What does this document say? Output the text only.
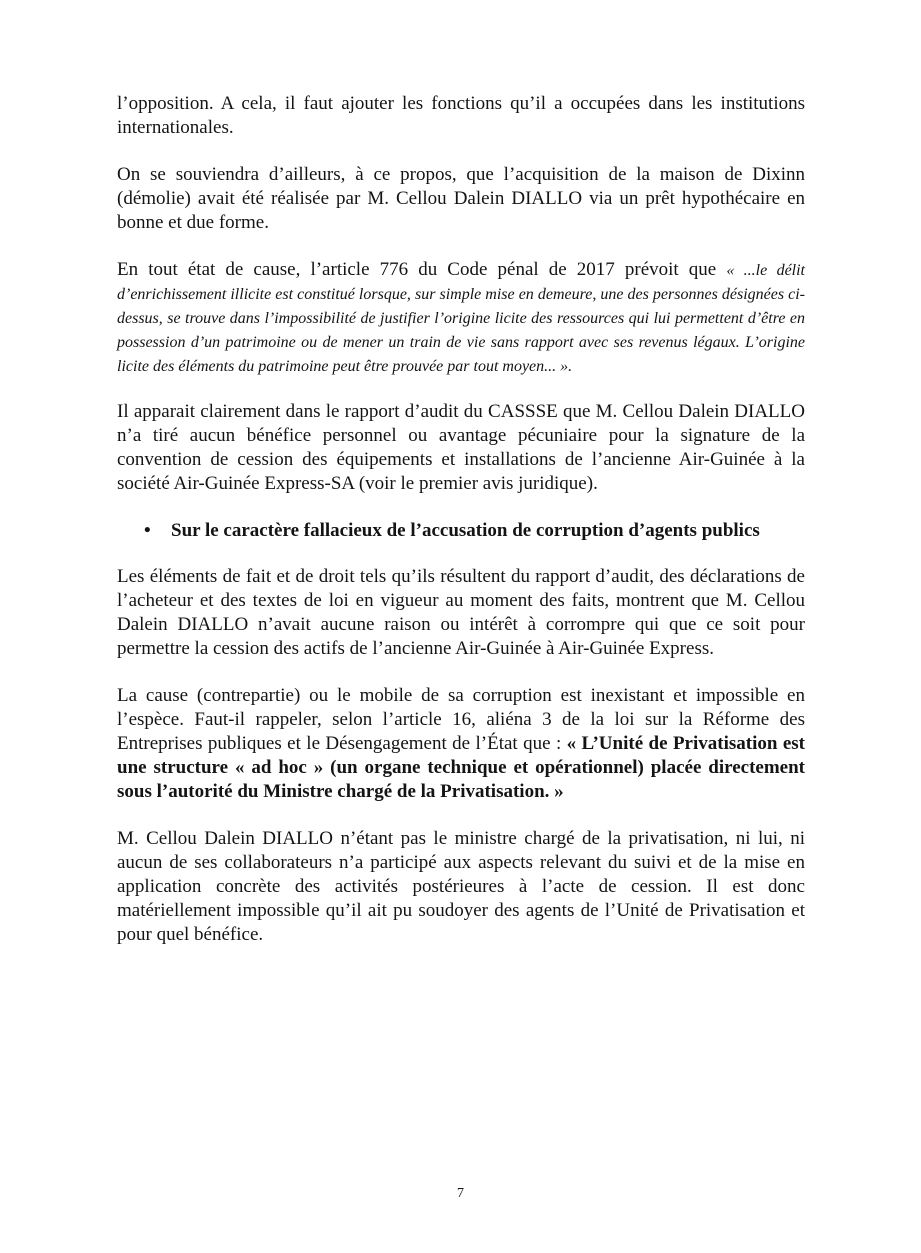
l’opposition. A cela, il faut ajouter les fonctions qu’il a occupées dans les institutions internationales.

On se souviendra d’ailleurs, à ce propos, que l’acquisition de la maison de Dixinn (démolie) avait été réalisée par M. Cellou Dalein DIALLO via un prêt hypothécaire en bonne et due forme.

En tout état de cause, l’article 776 du Code pénal de 2017 prévoit que « ...le délit d’enrichissement illicite est constitué lorsque, sur simple mise en demeure, une des personnes désignées ci-dessus, se trouve dans l’impossibilité de justifier l’origine licite des ressources qui lui permettent d’être en possession d’un patrimoine ou de mener un train de vie sans rapport avec ses revenus légaux. L’origine licite des éléments du patrimoine peut être prouvée par tout moyen... ».

Il apparait clairement dans le rapport d’audit du CASSSE que M. Cellou Dalein DIALLO n’a tiré aucun bénéfice personnel ou avantage pécuniaire pour la signature de la convention de cession des équipements et installations de l’ancienne Air-Guinée à la société Air-Guinée Express-SA (voir le premier avis juridique).

• Sur le caractère fallacieux de l’accusation de corruption d’agents publics

Les éléments de fait et de droit tels qu’ils résultent du rapport d’audit, des déclarations de l’acheteur et des textes de loi en vigueur au moment des faits, montrent que M. Cellou Dalein DIALLO n’avait aucune raison ou intérêt à corrompre qui que ce soit pour permettre la cession des actifs de l’ancienne Air-Guinée à Air-Guinée Express.

La cause (contrepartie) ou le mobile de sa corruption est inexistant et impossible en l’espèce. Faut-il rappeler, selon l’article 16, aliéna 3 de la loi sur la Réforme des Entreprises publiques et le Désengagement de l’État que : « L’Unité de Privatisation est une structure « ad hoc » (un organe technique et opérationnel) placée directement sous l’autorité du Ministre chargé de la Privatisation. »

M. Cellou Dalein DIALLO n’étant pas le ministre chargé de la privatisation, ni lui, ni aucun de ses collaborateurs n’a participé aux aspects relevant du suivi et de la mise en application concrète des activités postérieures à l’acte de cession. Il est donc matériellement impossible qu’il ait pu soudoyer des agents de l’Unité de Privatisation et pour quel bénéfice.

7
